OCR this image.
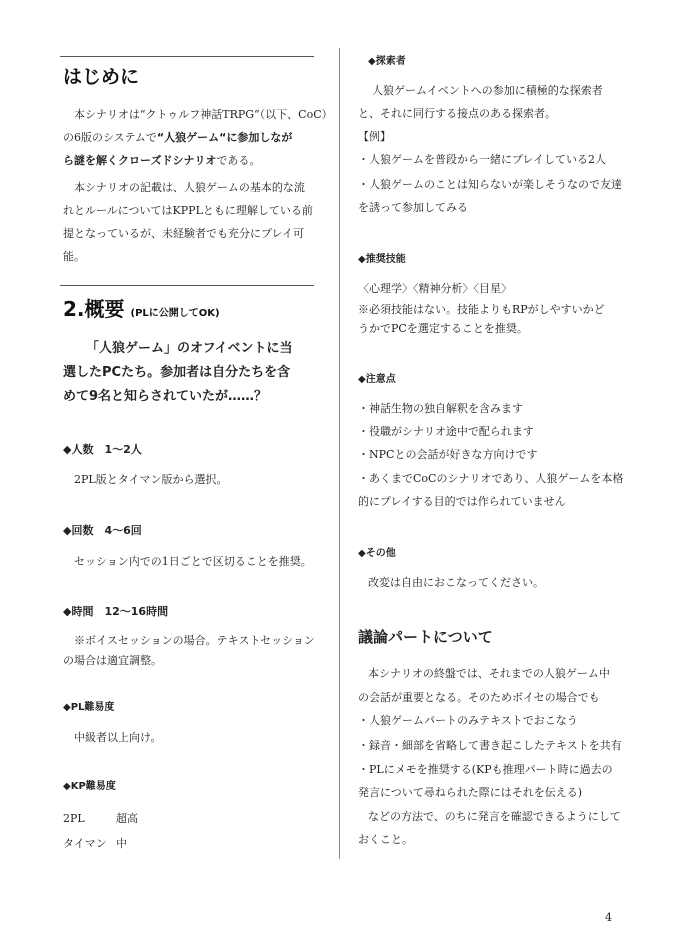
はじめに
本シナリオは“クトゥルフ神話TRPG“（以下、CoC）
の6版のシステムで“人狼ゲーム“に参加しなが
ら謎を解くクローズドシナリオである。
本シナリオの記載は、人狼ゲームの基本的な流
れとルールについてはKPPLともに理解している前
提となっているが、未経験者でも充分にプレイ可
能。
2.概要 (PLに公開してOK)
「人狼ゲーム」のオフイベントに当
選したPCたち。参加者は自分たちを含
めて9名と知らされていたが……？
◆人数　1〜2人
2PL版とタイマン版から選択。
◆回数　4〜6回
セッション内での1日ごとで区切ることを推奨。
◆時間　12〜16時間
※ボイスセッションの場合。テキストセッション
の場合は適宜調整。
◆PL難易度
中級者以上向け。
◆KP難易度
2PL	超高
タイマン 中
◆探索者
人狼ゲームイベントへの参加に積極的な探索者
と、それに同行する接点のある探索者。
【例】
・人狼ゲームを普段から一緒にプレイしている2人
・人狼ゲームのことは知らないが楽しそうなので友達
を誘って参加してみる
◆推奨技能
〈心理学〉〈精神分析〉〈目星〉
※必須技能はない。技能よりもRPがしやすいかど
うかでPCを選定することを推奨。
◆注意点
・神話生物の独自解釈を含みます
・役職がシナリオ途中で配られます
・NPCとの会話が好きな方向けです
・あくまでCoCのシナリオであり、人狼ゲームを本格
的にプレイする目的では作られていません
◆その他
改変は自由におこなってください。
議論パートについて
本シナリオの終盤では、それまでの人狼ゲーム中
の会話が重要となる。そのためボイセの場合でも
・人狼ゲームパートのみテキストでおこなう
・録音・細部を省略して書き起こしたテキストを共有
・PLにメモを推奨する(KPも推理パート時に過去の
発言について尋ねられた際にはそれを伝える)
などの方法で、のちに発言を確認できるようにして
おくこと。
4
